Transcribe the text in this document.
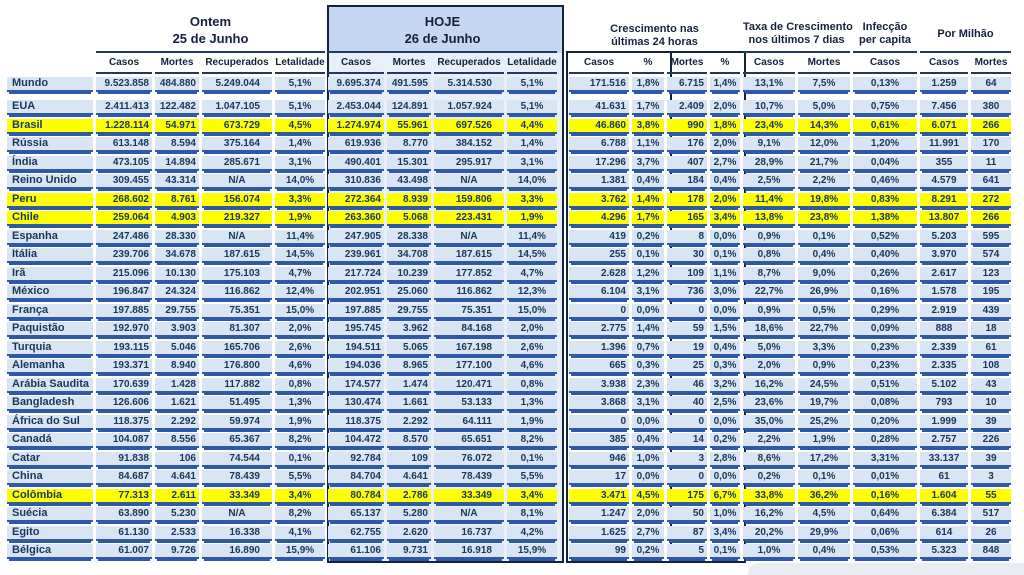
Ontem
25 de Junho
HOJE
26 de Junho
Crescimento nas
últimas 24 horas
Taxa de Crescimento
nos últimos 7 dias
Infecção
per capita	Por Milhão
Casos	Mortes	Recuperados Letalidade	Casos	Mortes	Recuperados Letalidade	Casos	%	Mortes	%	Casos	Mortes	Casos	Casos	Mortes
Mundo	9.523.858	484.880	5.249.044	5,1%	9.695.374	491.595	5.314.530	5,1%	171.516	1,8%	6.715 1,4%	13,1%	7,5%	0,13%	1.259	64
EUA	2.411.413	122.482	1.047.105	5,1%	2.453.044	124.891	1.057.924	5,1%	41.631	1,7%	2.409 2,0%	10,7%	5,0%	0,75%	7.456	380
Brasil	1.228.114	54.971	673.729	4,5%	1.274.974	55.961	697.526	4,4%	46.860	3,8%	990 1,8%	23,4%	14,3%	0,61%	6.071	266
Rússia	613.148	8.594	375.164	1,4%	619.936	8.770	384.152	1,4%	6.788	1,1%	176 2,0%	9,1%	12,0%	1,20%	11.991	170
Índia	473.105	14.894	285.671	3,1%	490.401	15.301	295.917	3,1%	17.296	3,7%	407 2,7%	28,9%	21,7%	0,04%	355	11
Reino Unido	309.455	43.314	N/A	14,0%	310.836	43.498	N/A	14,0%	1.381	0,4%	184 0,4%	2,5%	2,2%	0,46%	4.579	641
Peru	268.602	8.761	156.074	3,3%	272.364	8.939	159.806	3,3%	3.762	1,4%	178 2,0%	11,4%	19,8%	0,83%	8.291	272
Chile	259.064	4.903	219.327	1,9%	263.360	5.068	223.431	1,9%	4.296	1,7%	165 3,4%	13,8%	23,8%	1,38%	13.807	266
Espanha	247.486	28.330	N/A	11,4%	247.905	28.338	N/A	11,4%	419	0,2%	8 0,0%	0,9%	0,1%	0,52%	5.203	595
Itália	239.706	34.678	187.615	14,5%	239.961	34.708	187.615	14,5%	255	0,1%	30 0,1%	0,8%	0,4%	0,40%	3.970	574
Irã	215.096	10.130	175.103	4,7%	217.724	10.239	177.852	4,7%	2.628	1,2%	109 1,1%	8,7%	9,0%	0,26%	2.617	123
México	196.847	24.324	116.862	12,4%	202.951	25.060	116.862	12,3%	6.104	3,1%	736 3,0%	22,7%	26,9%	0,16%	1.578	195
França	197.885	29.755	75.351	15,0%	197.885	29.755	75.351	15,0%	0	0,0%	0 0,0%	0,9%	0,5%	0,29%	2.919	439
Paquistão	192.970	3.903	81.307	2,0%	195.745	3.962	84.168	2,0%	2.775	1,4%	59 1,5%	18,6%	22,7%	0,09%	888	18
Turquia	193.115	5.046	165.706	2,6%	194.511	5.065	167.198	2,6%	1.396	0,7%	19 0,4%	5,0%	3,3%	0,23%	2.339	61
Alemanha	193.371	8.940	176.800	4,6%	194.036	8.965	177.100	4,6%	665	0,3%	25 0,3%	2,0%	0,9%	0,23%	2.335	108
Arábia Saudita	170.639	1.428	117.882	0,8%	174.577	1.474	120.471	0,8%	3.938	2,3%	46 3,2%	16,2%	24,5%	0,51%	5.102	43
Bangladesh	126.606	1.621	51.495	1,3%	130.474	1.661	53.133	1,3%	3.868	3,1%	40 2,5%	23,6%	19,7%	0,08%	793	10
África do Sul	118.375	2.292	59.974	1,9%	118.375	2.292	64.111	1,9%	0	0,0%	0 0,0%	35,0%	25,2%	0,20%	1.999	39
Canadá	104.087	8.556	65.367	8,2%	104.472	8.570	65.651	8,2%	385	0,4%	14 0,2%	2,2%	1,9%	0,28%	2.757	226
Catar	91.838	106	74.544	0,1%	92.784	109	76.072	0,1%	946	1,0%	3 2,8%	8,6%	17,2%	3,31%	33.137	39
China	84.687	4.641	78.439	5,5%	84.704	4.641	78.439	5,5%	17	0,0%	0 0,0%	0,2%	0,1%	0,01%	61	3
Colômbia	77.313	2.611	33.349	3,4%	80.784	2.786	33.349	3,4%	3.471	4,5%	175 6,7%	33,8%	36,2%	0,16%	1.604	55
Suécia	63.890	5.230	N/A	8,2%	65.137	5.280	N/A	8,1%	1.247	2,0%	50 1,0%	16,2%	4,5%	0,64%	6.384	517
Egito	61.130	2.533	16.338	4,1%	62.755	2.620	16.737	4,2%	1.625	2,7%	87 3,4%	20,2%	29,9%	0,06%	614	26
Bélgica	61.007	9.726	16.890	15,9%	61.106	9.731	16.918	15,9%	99	0,2%	5 0,1%	1,0%	0,4%	0,53%	5.323	848
